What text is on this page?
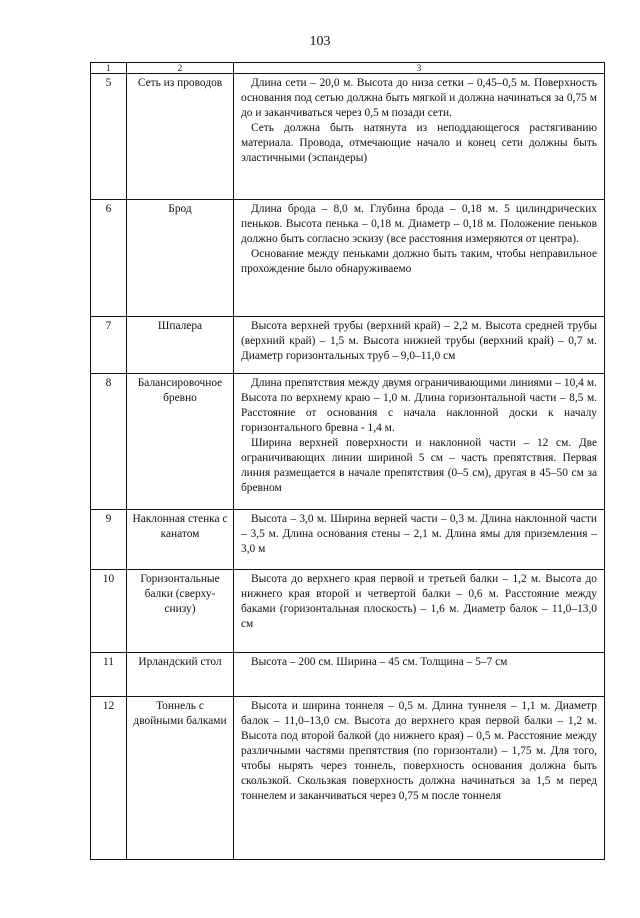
103
1	2	3
5	Сеть из проводов	Длина сети – 20,0 м. Высота до низа сетки – 0,45–0,5 м. Поверхность основания под сетью должна быть мягкой и должна начинаться за 0,75 м до и заканчиваться через 0,5 м позади сети.

Сеть должна быть натянута из неподдающегося растягиванию материала. Провода, отмечающие начало и конец сети должны быть эластичными (эспандеры)

6	Брод	Длина брода – 8,0 м. Глубина брода – 0,18 м. 5 цилиндрических пеньков. Высота пенька – 0,18 м. Диаметр – 0,18 м. Положение пеньков должно быть согласно эскизу (все расстояния измеряются от центра).

Основание между пеньками должно быть таким, чтобы неправильное прохождение было обнаруживаемо

7	Шпалера	Высота верхней трубы (верхний край) – 2,2 м. Высота средней трубы (верхний край) – 1,5 м. Высота нижней трубы (верхний край) – 0,7 м. Диаметр горизонтальных труб – 9,0–11,0 см

8	Балансировочное бревно	Длина препятствия между двумя ограничивающими линиями – 10,4 м. Высота по верхнему краю – 1,0 м. Длина горизонтальной части – 8,5 м. Расстояние от основания с начала наклонной доски к началу горизонтального бревна - 1,4 м.

Ширина верхней поверхности и наклонной части – 12 см. Две ограничивающих линии шириной 5 см – часть препятствия. Первая линия размещается в начале препятствия (0–5 см), другая в 45–50 см за бревном

9	Наклонная стенка с канатом	Высота – 3,0 м. Ширина верней части – 0,3 м. Длина наклонной части – 3,5 м. Длина основания стены – 2,1 м. Длина ямы для приземления – 3,0 м

10	Горизонтальные балки (сверху-снизу)	Высота до верхнего края первой и третьей балки – 1,2 м. Высота до нижнего края второй и четвертой балки – 0,6 м. Расстояние между баками (горизонтальная плоскость) – 1,6 м. Диаметр балок – 11,0–13,0 см

11	Ирландский стол	Высота – 200 см. Ширина – 45 см. Толщина – 5–7 см

12	Тоннель с двойными балками	Высота и ширина тоннеля – 0,5 м. Длина туннеля – 1,1 м. Диаметр балок – 11,0–13,0 см. Высота до верхнего края первой балки – 1,2 м. Высота под второй балкой (до нижнего края) – 0,5 м. Расстояние между различными частями препятствия (по горизонтали) – 1,75 м. Для того, чтобы нырять через тоннель, поверхность основания должна быть скользкой. Скользкая поверхность должна начинаться за 1,5 м перед тоннелем и заканчиваться через 0,75 м после тоннеля
